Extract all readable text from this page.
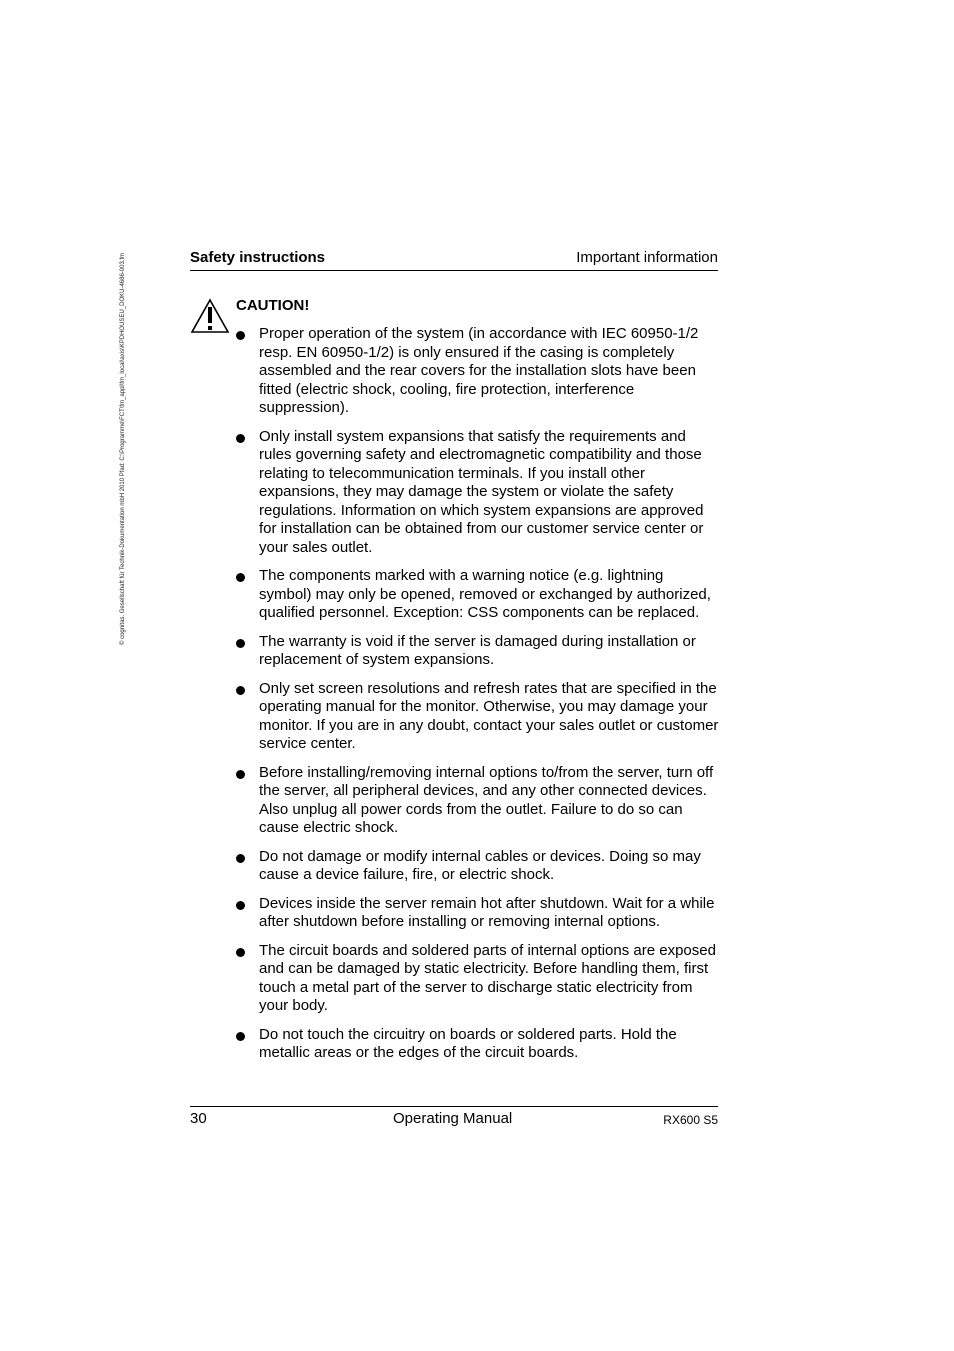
© cognitas. Gesellschaft für Technik-Dokumentation mbH 2010 Pfad: C:\Programme\FCT\fm_appl\fm_local\axis\KPDHOUSEU_DOKU-4686-003.fm	Safety instructions	Important information
CAUTION!
Proper operation of the system (in accordance with IEC 60950-1/2 resp. EN 60950-1/2) is only ensured if the casing is completely assembled and the rear covers for the installation slots have been fitted (electric shock, cooling, fire protection, interference suppression).
Only install system expansions that satisfy the requirements and rules governing safety and electromagnetic compatibility and those relating to telecommunication terminals. If you install other expansions, they may damage the system or violate the safety regulations. Information on which system expansions are approved for installation can be obtained from our customer service center or your sales outlet.
The components marked with a warning notice (e.g. lightning symbol) may only be opened, removed or exchanged by authorized, qualified personnel. Exception: CSS components can be replaced.
The warranty is void if the server is damaged during installation or replacement of system expansions.
Only set screen resolutions and refresh rates that are specified in the operating manual for the monitor. Otherwise, you may damage your monitor. If you are in any doubt, contact your sales outlet or customer service center.
Before installing/removing internal options to/from the server, turn off the server, all peripheral devices, and any other connected devices. Also unplug all power cords from the outlet. Failure to do so can cause electric shock.
Do not damage or modify internal cables or devices. Doing so may cause a device failure, fire, or electric shock.
Devices inside the server remain hot after shutdown. Wait for a while after shutdown before installing or removing internal options.
The circuit boards and soldered parts of internal options are exposed and can be damaged by static electricity. Before handling them, first touch a metal part of the server to discharge static electricity from your body.
Do not touch the circuitry on boards or soldered parts. Hold the metallic areas or the edges of the circuit boards.
30	Operating Manual	RX600 S5
